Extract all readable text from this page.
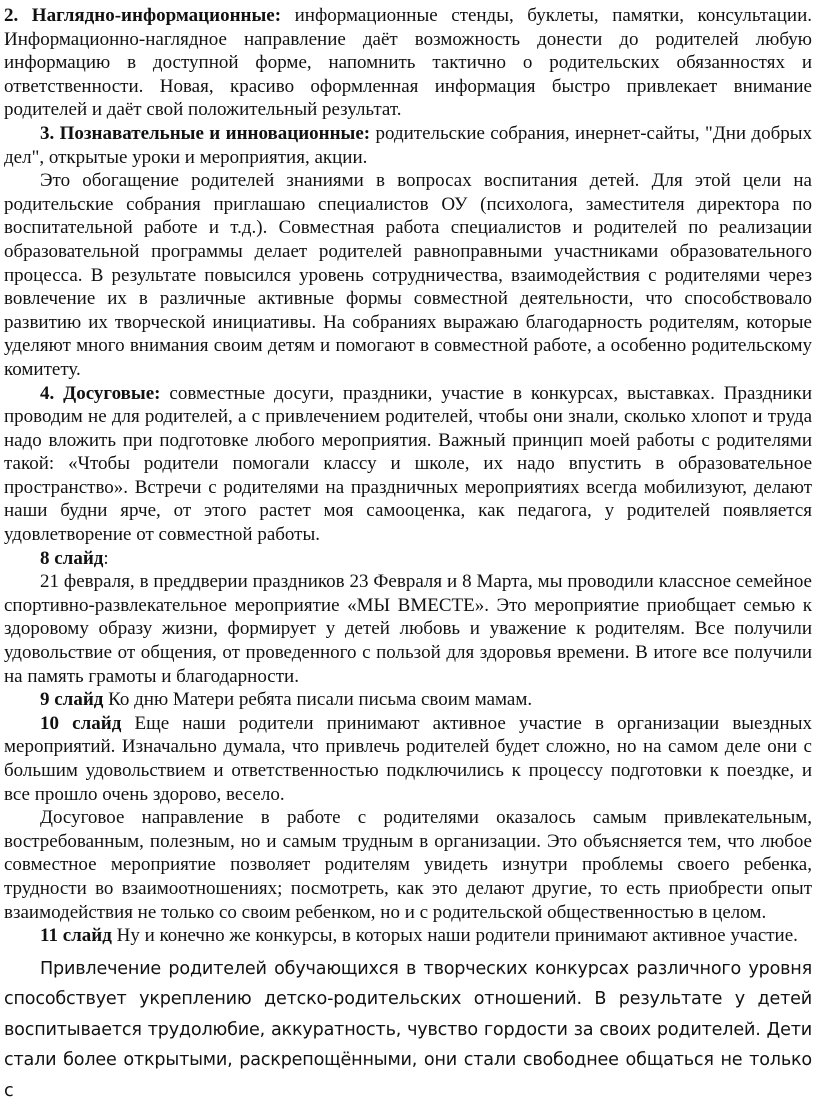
2. Наглядно-информационные: информационные стенды, буклеты, памятки, консультации. Информационно-наглядное направление даёт возможность донести до родителей любую информацию в доступной форме, напомнить тактично о родительских обязанностях и ответственности. Новая, красиво оформленная информация быстро привлекает внимание родителей и даёт свой положительный результат.

3. Познавательные и инновационные: родительские собрания, инернет-сайты, "Дни добрых дел", открытые уроки и мероприятия, акции.

Это обогащение родителей знаниями в вопросах воспитания детей. Для этой цели на родительские собрания приглашаю специалистов ОУ (психолога, заместителя директора по воспитательной работе и т.д.). Совместная работа специалистов и родителей по реализации образовательной программы делает родителей равноправными участниками образовательного процесса. В результате повысился уровень сотрудничества, взаимодействия с родителями через вовлечение их в различные активные формы совместной деятельности, что способствовало развитию их творческой инициативы. На собраниях выражаю благодарность родителям, которые уделяют много внимания своим детям и помогают в совместной работе, а особенно родительскому комитету.

4. Досуговые: совместные досуги, праздники, участие в конкурсах, выставках. Праздники проводим не для родителей, а с привлечением родителей, чтобы они знали, сколько хлопот и труда надо вложить при подготовке любого мероприятия. Важный принцип моей работы с родителями такой: «Чтобы родители помогали классу и школе, их надо впустить в образовательное пространство». Встречи с родителями на праздничных мероприятиях всегда мобилизуют, делают наши будни ярче, от этого растет моя самооценка, как педагога, у родителей появляется удовлетворение от совместной работы.

8 слайд:

21 февраля, в преддверии праздников 23 Февраля и 8 Марта, мы проводили классное семейное спортивно-развлекательное мероприятие «МЫ ВМЕСТЕ». Это мероприятие приобщает семью к здоровому образу жизни, формирует у детей любовь и уважение к родителям. Все получили удовольствие от общения, от проведенного с пользой для здоровья времени. В итоге все получили на память грамоты и благодарности.

9 слайд Ко дню Матери ребята писали письма своим мамам.

10 слайд Еще наши родители принимают активное участие в организации выездных мероприятий. Изначально думала, что привлечь родителей будет сложно, но на самом деле они с большим удовольствием и ответственностью подключились к процессу подготовки к поездке, и все прошло очень здорово, весело.

Досуговое направление в работе с родителями оказалось самым привлекательным, востребованным, полезным, но и самым трудным в организации. Это объясняется тем, что любое совместное мероприятие позволяет родителям увидеть изнутри проблемы своего ребенка, трудности во взаимоотношениях; посмотреть, как это делают другие, то есть приобрести опыт взаимодействия не только со своим ребенком, но и с родительской общественностью в целом.

11 слайд Ну и конечно же конкурсы, в которых наши родители принимают активное участие.

Привлечение родителей обучающихся в творческих конкурсах различного уровня способствует укреплению детско-родительских отношений. В результате у детей воспитывается трудолюбие, аккуратность, чувство гордости за своих родителей. Дети стали более открытыми, раскрепощёнными, они стали свободнее общаться не только с
